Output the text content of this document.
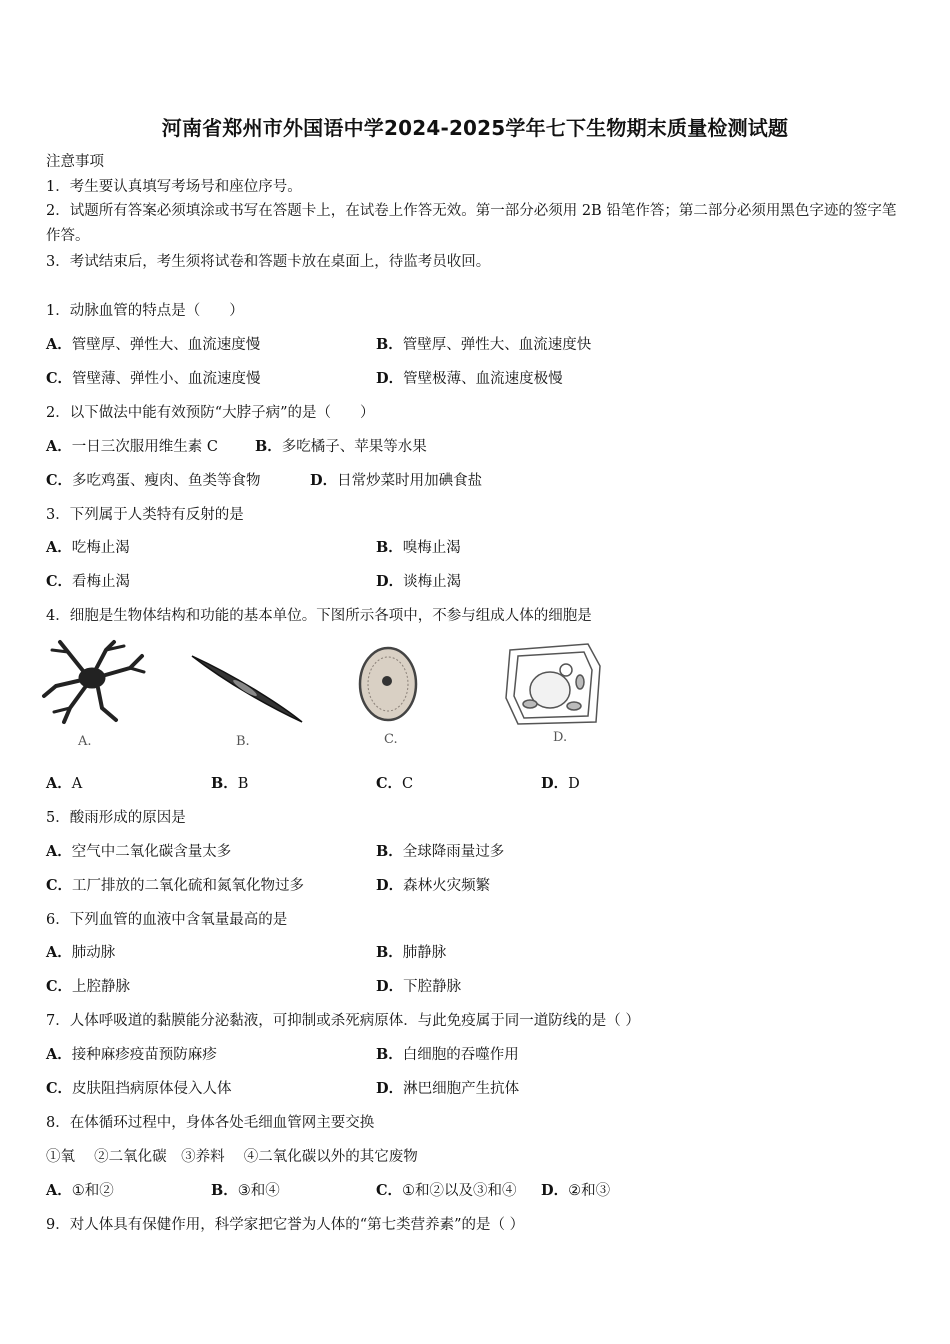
河南省郑州市外国语中学2024-2025学年七下生物期末质量检测试题
注意事项
1．考生要认真填写考场号和座位序号。
2．试题所有答案必须填涂或书写在答题卡上，在试卷上作答无效。第一部分必须用 2B 铅笔作答；第二部分必须用黑色字迹的签字笔作答。
3．考试结束后，考生须将试卷和答题卡放在桌面上，待监考员收回。
1．动脉血管的特点是（　　）
A．管壁厚、弹性大、血流速度慢	B．管壁厚、弹性大、血流速度快
C．管壁薄、弹性小、血流速度慢	D．管壁极薄、血流速度极慢
2．以下做法中能有效预防“大脖子病”的是（　　）
A．一日三次服用维生素 C	B．多吃橘子、苹果等水果
C．多吃鸡蛋、瘦肉、鱼类等食物	D．日常炒菜时用加碘食盐
3．下列属于人类特有反射的是
A．吃梅止渴	B．嗅梅止渴
C．看梅止渴	D．谈梅止渴
4．细胞是生物体结构和功能的基本单位。下图所示各项中，不参与组成人体的细胞是
A.	B.	C.	D.
A．A	B．B	C．C	D．D
5．酸雨形成的原因是
A．空气中二氧化碳含量太多	B．全球降雨量过多
C．工厂排放的二氧化硫和氮氧化物过多	D．森林火灾频繁
6．下列血管的血液中含氧量最高的是
A．肺动脉	B．肺静脉
C．上腔静脉	D．下腔静脉
7．人体呼吸道的黏膜能分泌黏液，可抑制或杀死病原体．与此免疫属于同一道防线的是（ ）
A．接种麻疹疫苗预防麻疹	B．白细胞的吞噬作用
C．皮肤阻挡病原体侵入人体	D．淋巴细胞产生抗体
8．在体循环过程中，身体各处毛细血管网主要交换
①氧　 ②二氧化碳　③养料　 ④二氧化碳以外的其它废物
A．①和②	B．③和④	C．①和②以及③和④ D．②和③
9．对人体具有保健作用，科学家把它誉为人体的“第七类营养素”的是（ ）
